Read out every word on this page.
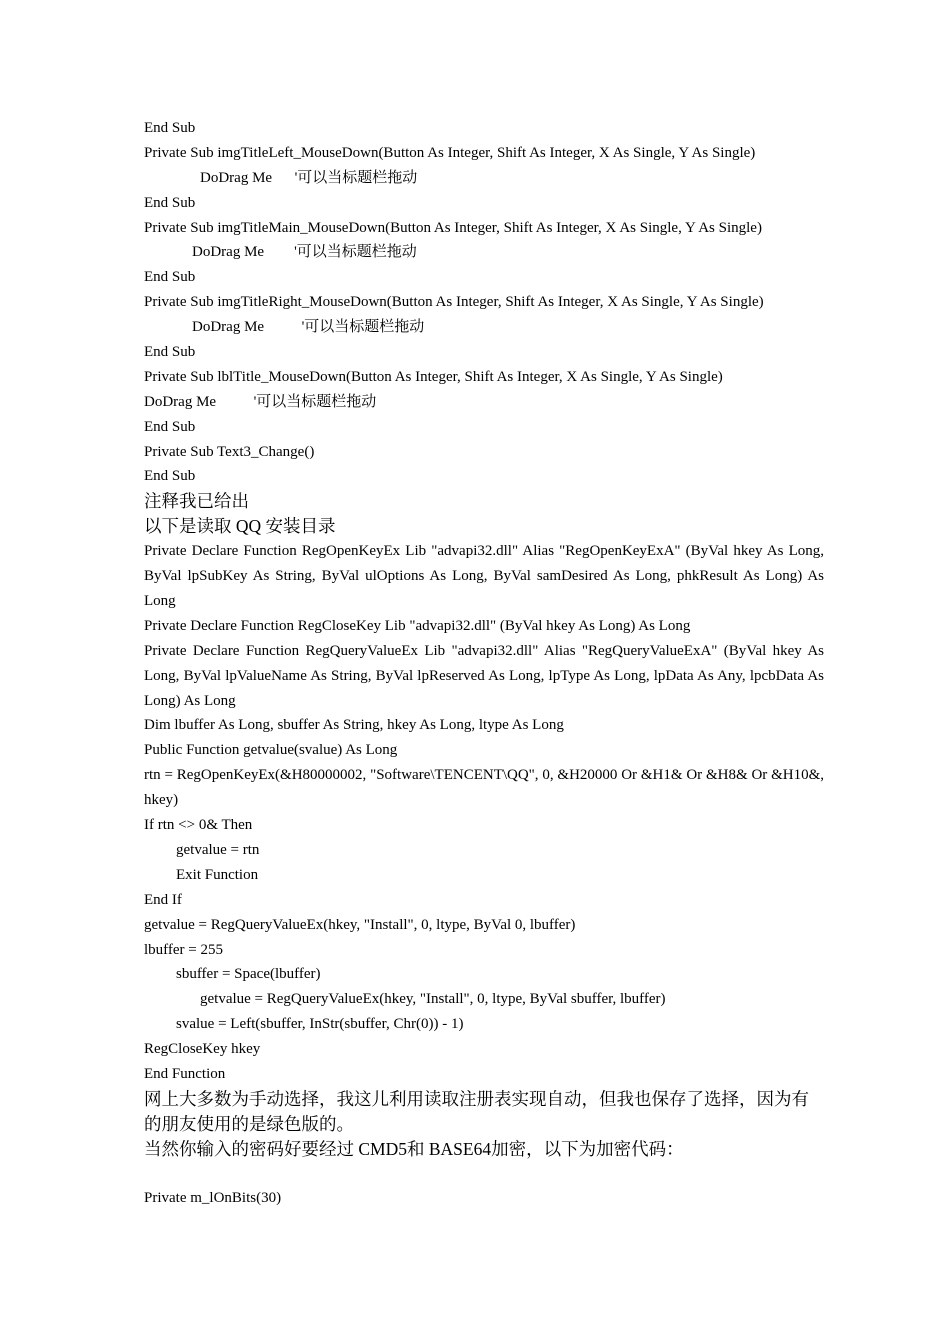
End Sub
Private Sub imgTitleLeft_MouseDown(Button As Integer, Shift As Integer, X As Single, Y As Single)
DoDrag Me      '可以当标题栏拖动
End Sub
Private Sub imgTitleMain_MouseDown(Button As Integer, Shift As Integer, X As Single, Y As Single)
DoDrag Me        '可以当标题栏拖动
End Sub
Private Sub imgTitleRight_MouseDown(Button As Integer, Shift As Integer, X As Single, Y As Single)
DoDrag Me          '可以当标题栏拖动
End Sub
Private Sub lblTitle_MouseDown(Button As Integer, Shift As Integer, X As Single, Y As Single)
DoDrag Me          '可以当标题栏拖动
End Sub
Private Sub Text3_Change()
End Sub
注释我已给出
以下是读取 QQ 安装目录
Private Declare Function RegOpenKeyEx Lib "advapi32.dll" Alias "RegOpenKeyExA" (ByVal hkey As Long, ByVal lpSubKey As String, ByVal ulOptions As Long, ByVal samDesired As Long, phkResult As Long) As Long
Private Declare Function RegCloseKey Lib "advapi32.dll" (ByVal hkey As Long) As Long
Private Declare Function RegQueryValueEx Lib "advapi32.dll" Alias "RegQueryValueExA" (ByVal hkey As Long, ByVal lpValueName As String, ByVal lpReserved As Long, lpType As Long, lpData As Any, lpcbData As Long) As Long
Dim lbuffer As Long, sbuffer As String, hkey As Long, ltype As Long
Public Function getvalue(svalue) As Long
rtn = RegOpenKeyEx(&H80000002, "Software\TENCENT\QQ", 0, &H20000 Or &H1& Or &H8& Or &H10&, hkey)
If rtn <> 0& Then
getvalue = rtn
Exit Function
End If
getvalue = RegQueryValueEx(hkey, "Install", 0, ltype, ByVal 0, lbuffer)
lbuffer = 255
sbuffer = Space(lbuffer)
getvalue = RegQueryValueEx(hkey, "Install", 0, ltype, ByVal sbuffer, lbuffer)
svalue = Left(sbuffer, InStr(sbuffer, Chr(0)) - 1)
RegCloseKey hkey
End Function
网上大多数为手动选择，我这儿利用读取注册表实现自动，但我也保存了选择，因为有的朋友使用的是绿色版的。
当然你输入的密码好要经过 CMD5和 BASE64加密，以下为加密代码：
Private m_lOnBits(30)
